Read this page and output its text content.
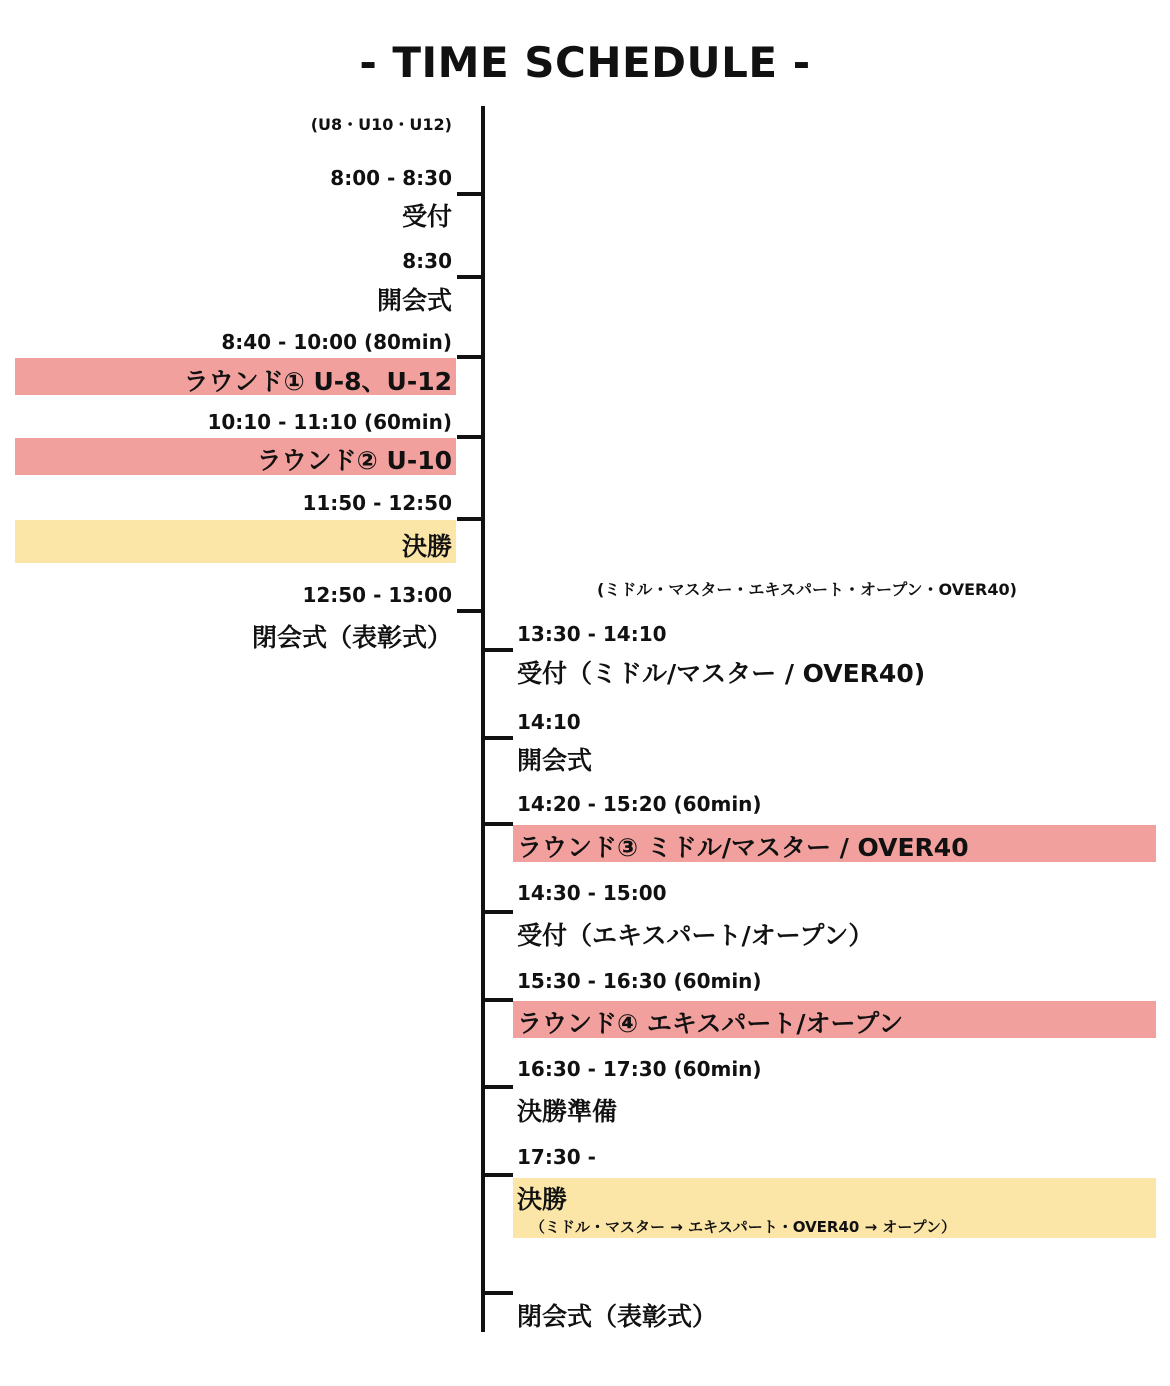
- TIME SCHEDULE -
(U8・U10・U12)
8:00 - 8:30
受付
8:30
開会式
8:40 - 10:00 (80min)
ラウンド① U-8、U-12
10:10 - 11:10 (60min)
ラウンド② U-10
11:50 - 12:50
決勝
12:50 - 13:00
閉会式（表彰式）
(ミドル・マスター・エキスパート・オープン・OVER40)
13:30 - 14:10
受付（ミドル/マスター / OVER40)
14:10
開会式
14:20 - 15:20 (60min)
ラウンド③ ミドル/マスター / OVER40
14:30 - 15:00
受付（エキスパート/オープン）
15:30 - 16:30 (60min)
ラウンド④ エキスパート/オープン
16:30 - 17:30 (60min)
決勝準備
17:30 -
決勝
（ミドル・マスター → エキスパート・OVER40 → オープン）
閉会式（表彰式）
